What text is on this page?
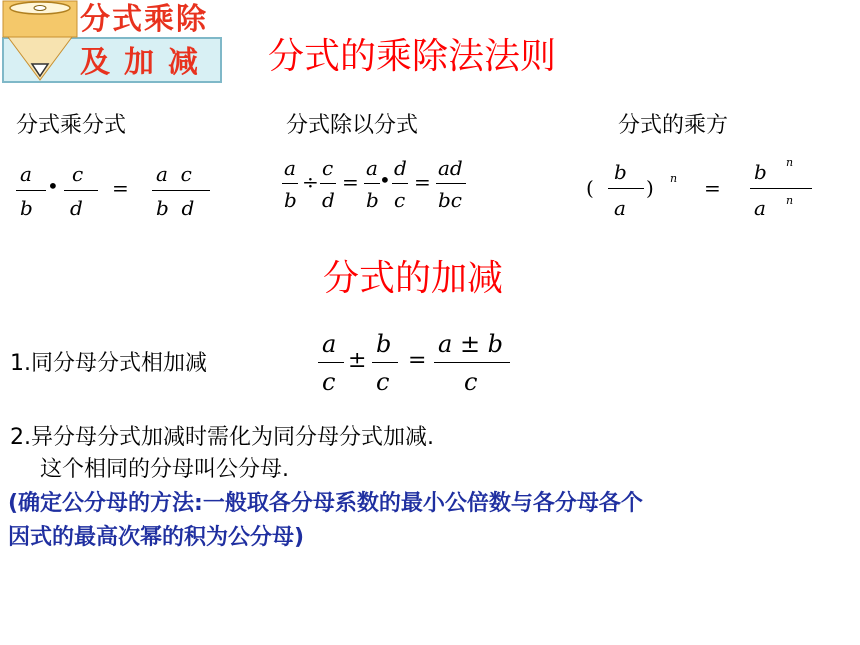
分式乘除
及加减 分式的乘除法法则
分式乘分式	分式除以分式	分式的乘方
a
b
• c
d
=
a  c
b  d
a
b
÷
c
d
=
a
b
• d
c
=
ad
bc	(
b
a
) n =
b n
a n
分式的加减
1.同分母分式相加减
a
c
±
b
c
=
a ± b
c
2.异分母分式加减时需化为同分母分式加减.
这个相同的分母叫公分母.
(确定公分母的方法:一般取各分母系数的最小公倍数与各分母各个
因式的最高次幂的积为公分母)
